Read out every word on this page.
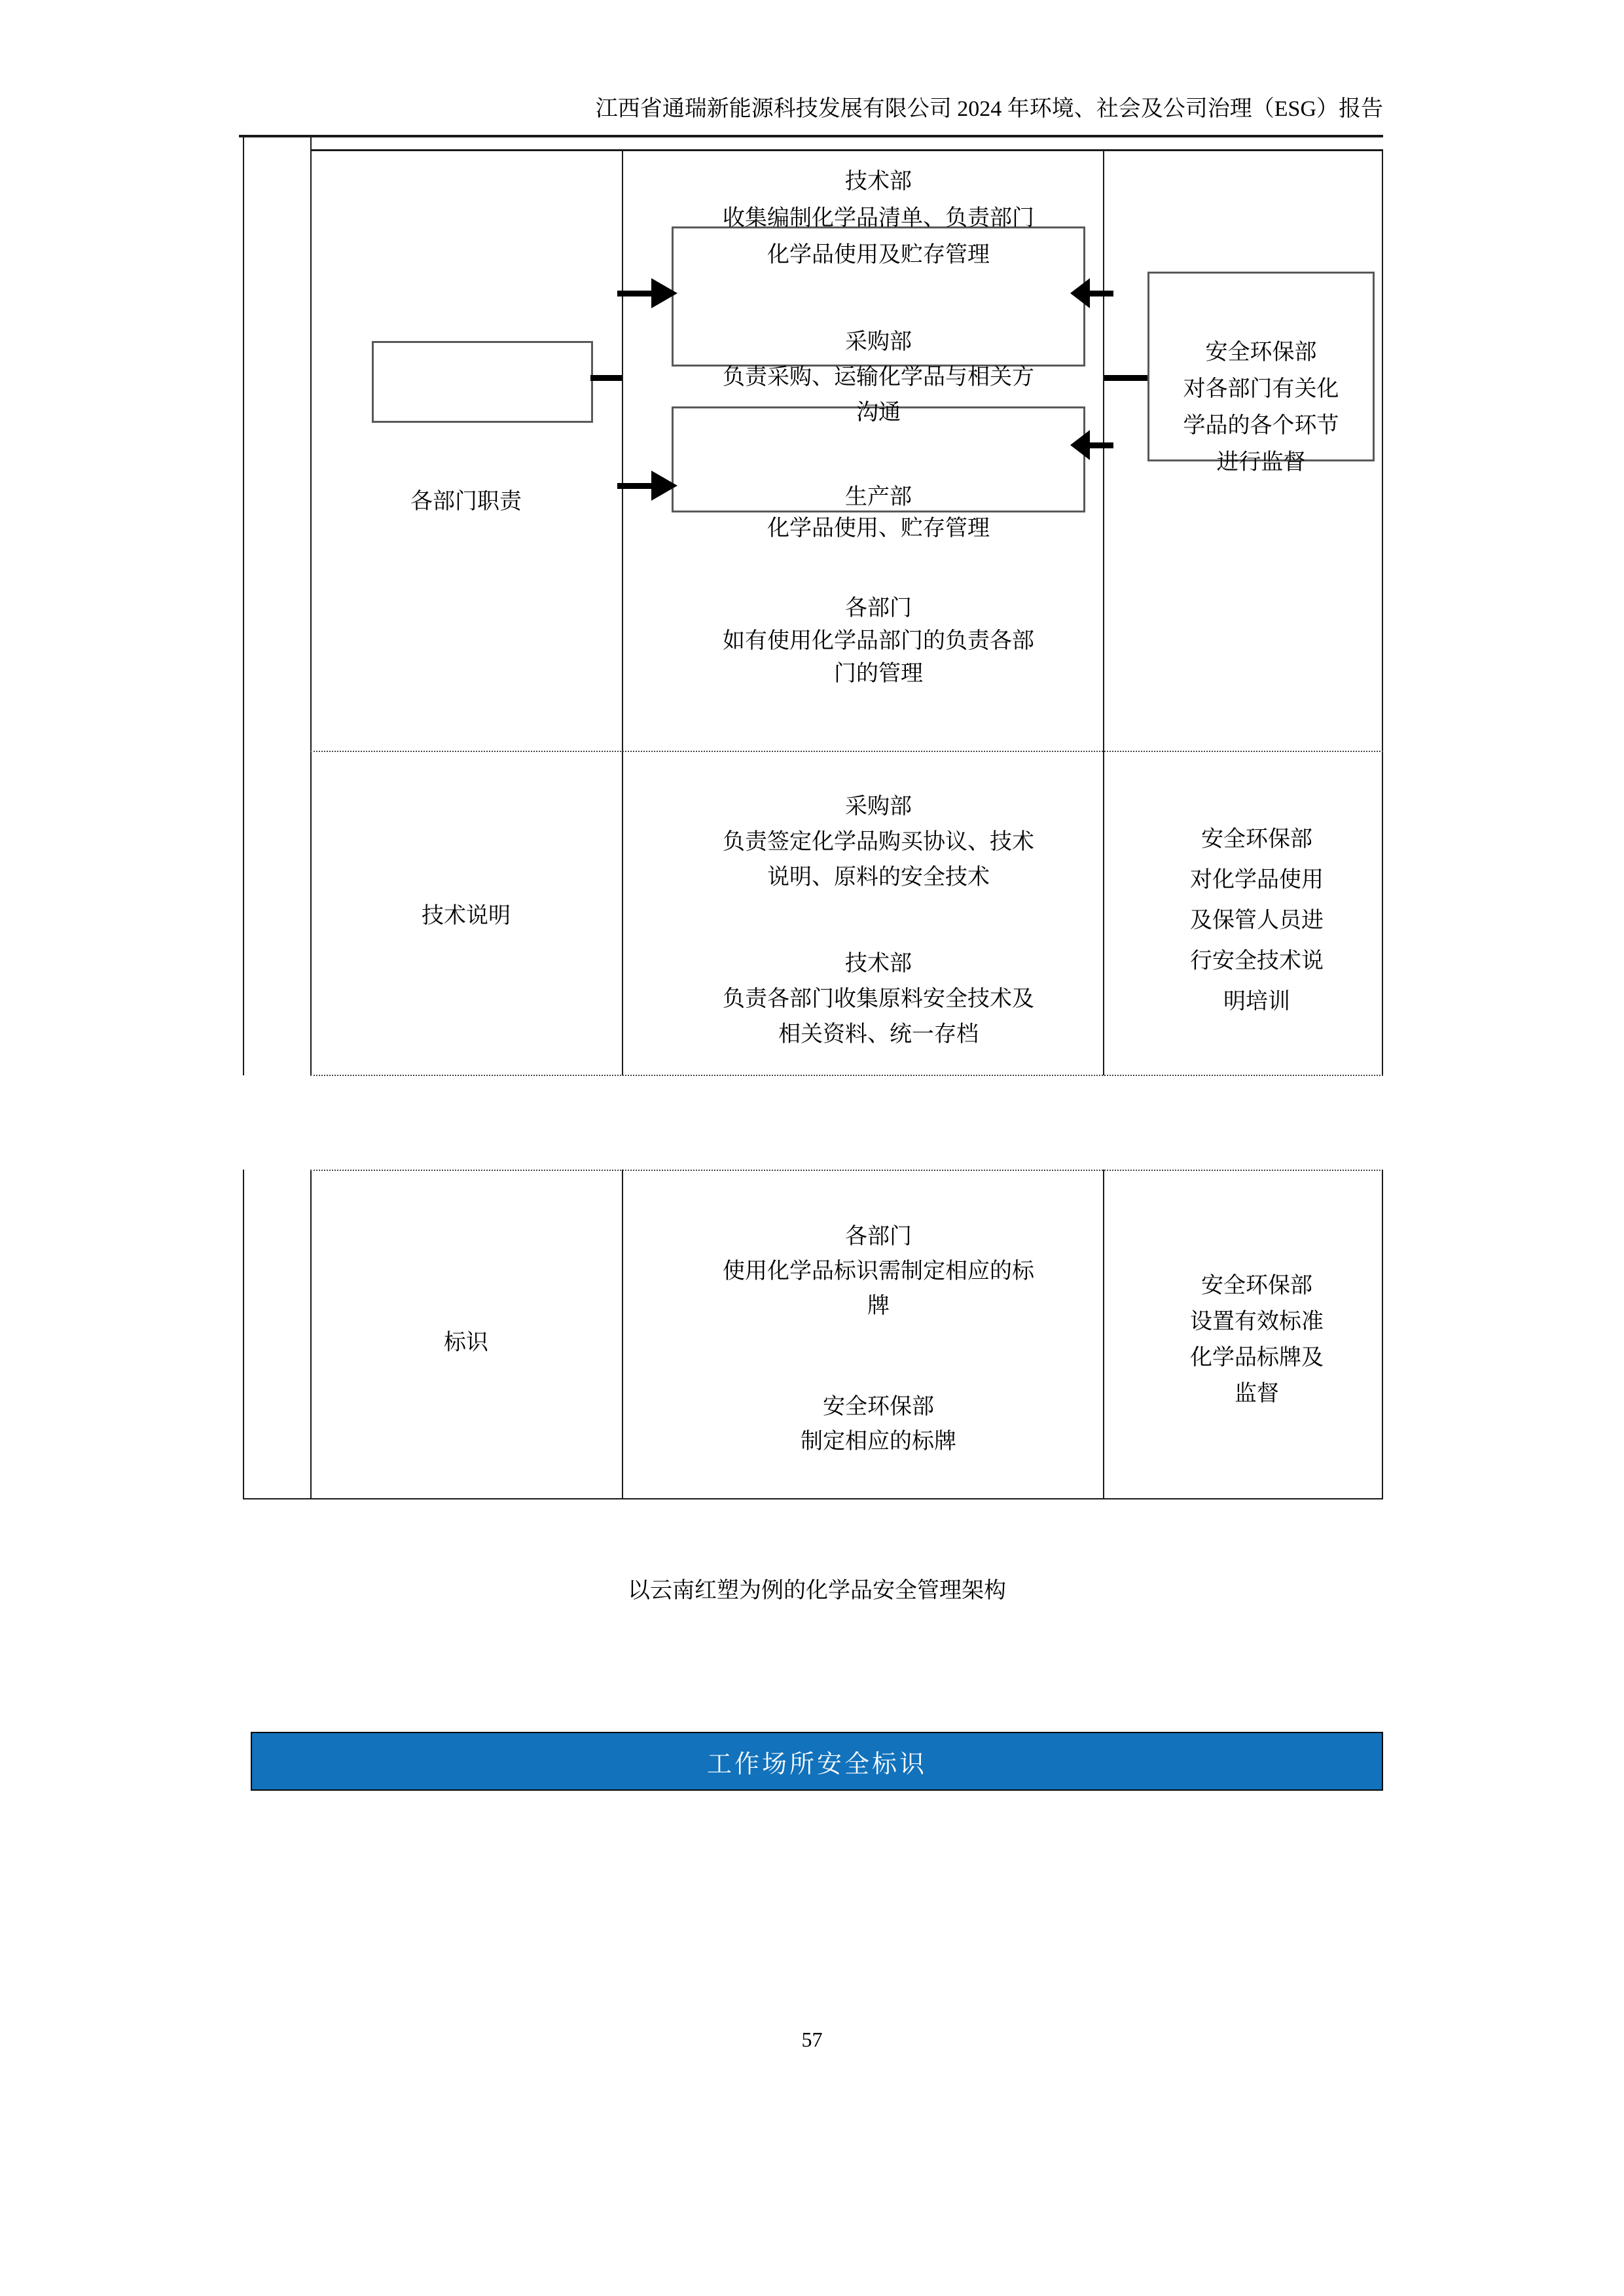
江西省通瑞新能源科技发展有限公司 2024 年环境、社会及公司治理（ESG）报告
各部门职责
技术部
收集编制化学品清单、负责部门
化学品使用及贮存管理
采购部
负责采购、运输化学品与相关方
沟通
生产部
化学品使用、贮存管理
各部门
如有使用化学品部门的负责各部
门的管理
安全环保部
对各部门有关化
学品的各个环节
进行监督
技术说明
采购部
负责签定化学品购买协议、技术
说明、原料的安全技术
技术部
负责各部门收集原料安全技术及
相关资料、统一存档
安全环保部
对化学品使用
及保管人员进
行安全技术说
明培训
标识
各部门
使用化学品标识需制定相应的标
牌
安全环保部
制定相应的标牌
安全环保部
设置有效标准
化学品标牌及
监督
以云南红塑为例的化学品安全管理架构
工作场所安全标识
57
